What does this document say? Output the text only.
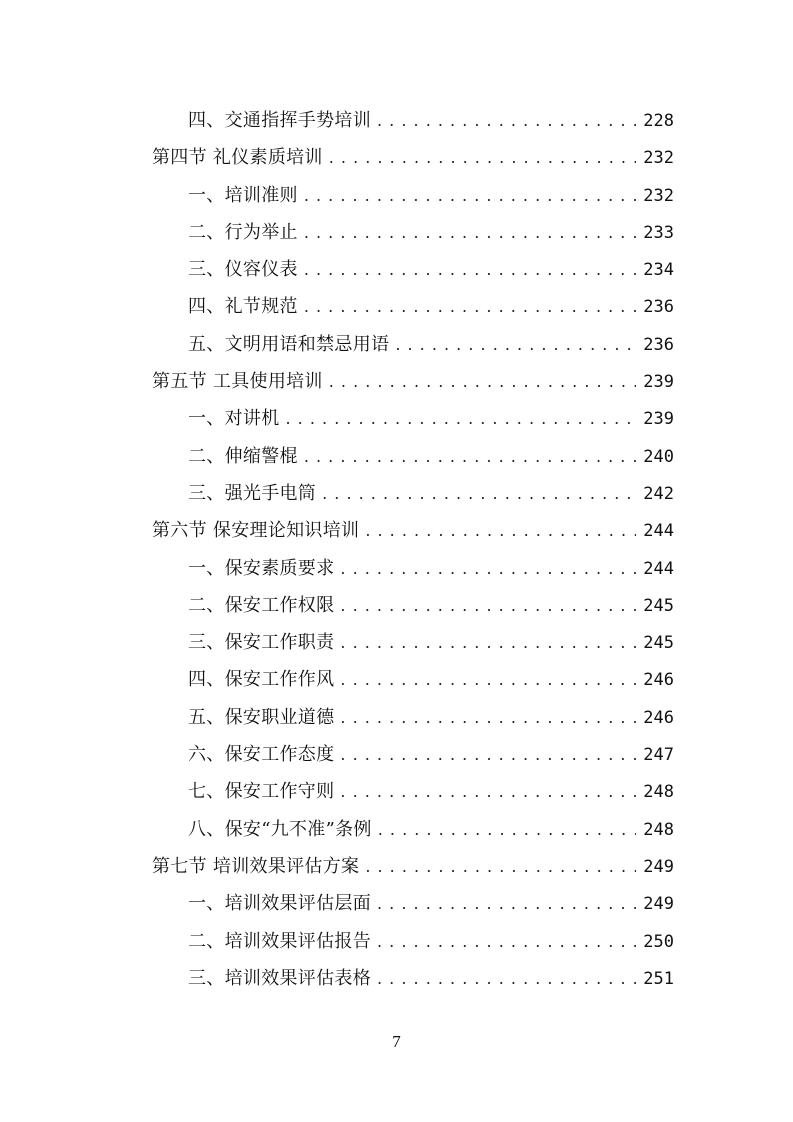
四、交通指挥手势培训 . . .	228
第四节 礼仪素质培训 . . .	232
一、培训准则 . . .	232
二、行为举止 . . .	233
三、仪容仪表 . . .	234
四、礼节规范 . . .	236
五、文明用语和禁忌用语 . . .	236
第五节 工具使用培训 . . .	239
一、对讲机 . . .	239
二、伸缩警棍 . . .	240
三、强光手电筒 . . .	242
第六节 保安理论知识培训 . . .	244
一、保安素质要求 . . .	244
二、保安工作权限 . . .	245
三、保安工作职责 . . .	245
四、保安工作作风 . . .	246
五、保安职业道德 . . .	246
六、保安工作态度 . . .	247
七、保安工作守则 . . .	248
八、保安“九不准”条例 . . .	248
第七节 培训效果评估方案 . . .	249
一、培训效果评估层面 . . .	249
二、培训效果评估报告 . . .	250
三、培训效果评估表格 . . .	251
7
